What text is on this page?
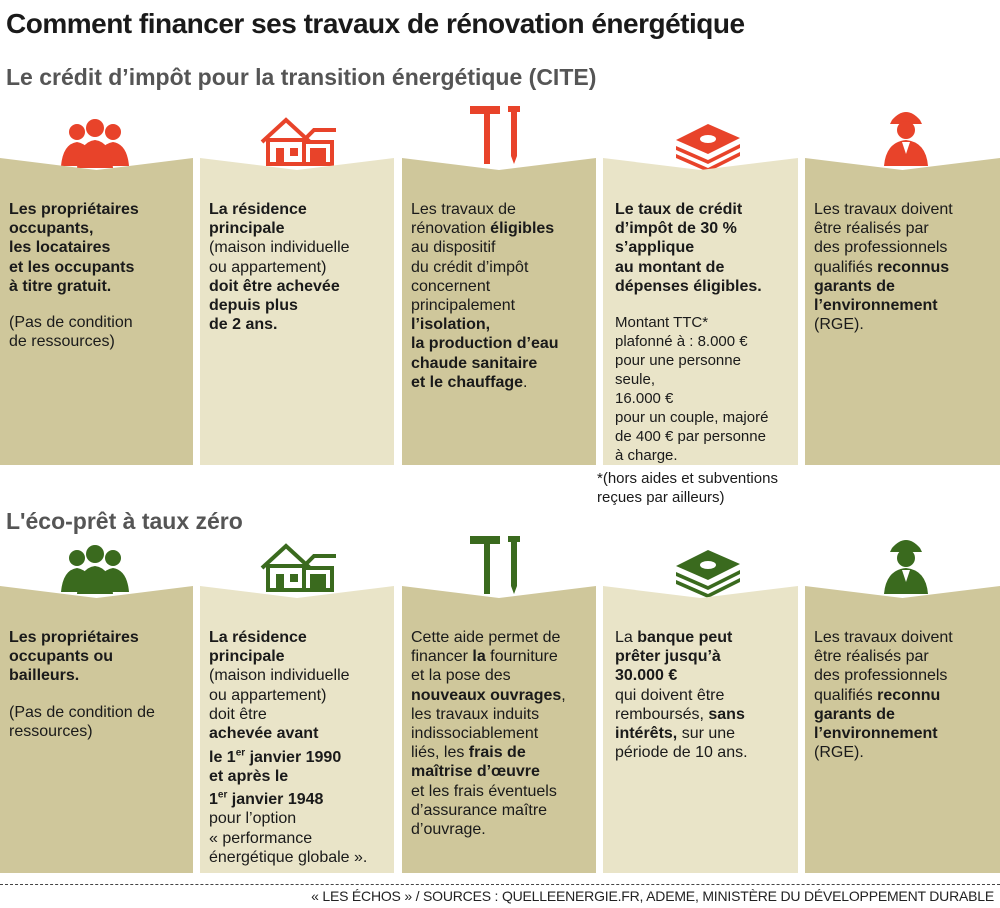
Comment financer ses travaux de rénovation énergétique
Le crédit d’impôt pour la transition énergétique (CITE)
Les propriétaires
occupants,
les locataires
et les occupants
à titre gratuit.
(Pas de condition
de ressources)
La résidence
principale
(maison individuelle
ou appartement)
doit être achevée
depuis plus
de 2 ans.
Les travaux de
rénovation éligibles
au dispositif
du crédit d’impôt
concernent
principalement
l’isolation,
la production d’eau
chaude sanitaire
et le chauffage.
Le taux de crédit
d’impôt de 30 %
s’applique
au montant de
dépenses éligibles.
Montant TTC*
plafonné à : 8.000 €
pour une personne
seule,
16.000 €
pour un couple, majoré
de 400 € par personne
à charge.
Les travaux doivent
être réalisés par
des professionnels
qualifiés reconnus
garants de
l’environnement
(RGE).
*(hors aides et subventions
reçues par ailleurs)
L'éco-prêt à taux zéro
Les propriétaires
occupants ou
bailleurs.
(Pas de condition de
ressources)
La résidence
principale
(maison individuelle
ou appartement)
doit être
achevée avant
le 1er janvier 1990
et après le
1er janvier 1948
pour l’option
« performance
énergétique globale ».
Cette aide permet de
financer la fourniture
et la pose des
nouveaux ouvrages,
les travaux induits
indissociablement
liés, les frais de
maîtrise d’œuvre
et les frais éventuels
d’assurance maître
d’ouvrage.
La banque peut
prêter jusqu’à
30.000 €
qui doivent être
remboursés, sans
intérêts, sur une
période de 10 ans.
Les travaux doivent
être réalisés par
des professionnels
qualifiés reconnu
garants de
l’environnement
(RGE).
« LES ÉCHOS » / SOURCES : QUELLEENERGIE.FR, ADEME, MINISTÈRE DU DÉVELOPPEMENT DURABLE
